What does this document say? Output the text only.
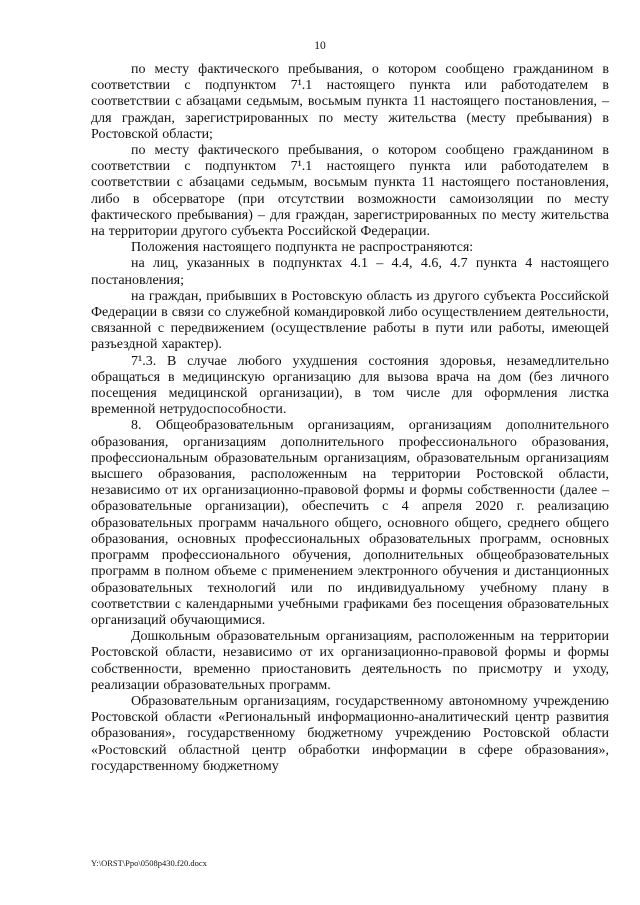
10

по месту фактического пребывания, о котором сообщено гражданином в соответствии с подпунктом 7¹.1 настоящего пункта или работодателем в соответствии с абзацами седьмым, восьмым пункта 11 настоящего постановления, – для граждан, зарегистрированных по месту жительства (месту пребывания) в Ростовской области;

по месту фактического пребывания, о котором сообщено гражданином в соответствии с подпунктом 7¹.1 настоящего пункта или работодателем в соответствии с абзацами седьмым, восьмым пункта 11 настоящего постановления, либо в обсерваторе (при отсутствии возможности самоизоляции по месту фактического пребывания) – для граждан, зарегистрированных по месту жительства на территории другого субъекта Российской Федерации.

Положения настоящего подпункта не распространяются:

на лиц, указанных в подпунктах 4.1 – 4.4, 4.6, 4.7 пункта 4 настоящего постановления;

на граждан, прибывших в Ростовскую область из другого субъекта Российской Федерации в связи со служебной командировкой либо осуществлением деятельности, связанной с передвижением (осуществление работы в пути или работы, имеющей разъездной характер).

7¹.3. В случае любого ухудшения состояния здоровья, незамедлительно обращаться в медицинскую организацию для вызова врача на дом (без личного посещения медицинской организации), в том числе для оформления листка временной нетрудоспособности.

8. Общеобразовательным организациям, организациям дополнительного образования, организациям дополнительного профессионального образования, профессиональным образовательным организациям, образовательным организациям высшего образования, расположенным на территории Ростовской области, независимо от их организационно-правовой формы и формы собственности (далее – образовательные организации), обеспечить с 4 апреля 2020 г. реализацию образовательных программ начального общего, основного общего, среднего общего образования, основных профессиональных образовательных программ, основных программ профессионального обучения, дополнительных общеобразовательных программ в полном объеме с применением электронного обучения и дистанционных образовательных технологий или по индивидуальному учебному плану в соответствии с календарными учебными графиками без посещения образовательных организаций обучающимися.

Дошкольным образовательным организациям, расположенным на территории Ростовской области, независимо от их организационно-правовой формы и формы собственности, временно приостановить деятельность по присмотру и уходу, реализации образовательных программ.

Образовательным организациям, государственному автономному учреждению Ростовской области «Региональный информационно-аналитический центр развития образования», государственному бюджетному учреждению Ростовской области «Ростовский областной центр обработки информации в сфере образования», государственному бюджетному

Y:\ORST\Ppo\0508p430.f20.docx
